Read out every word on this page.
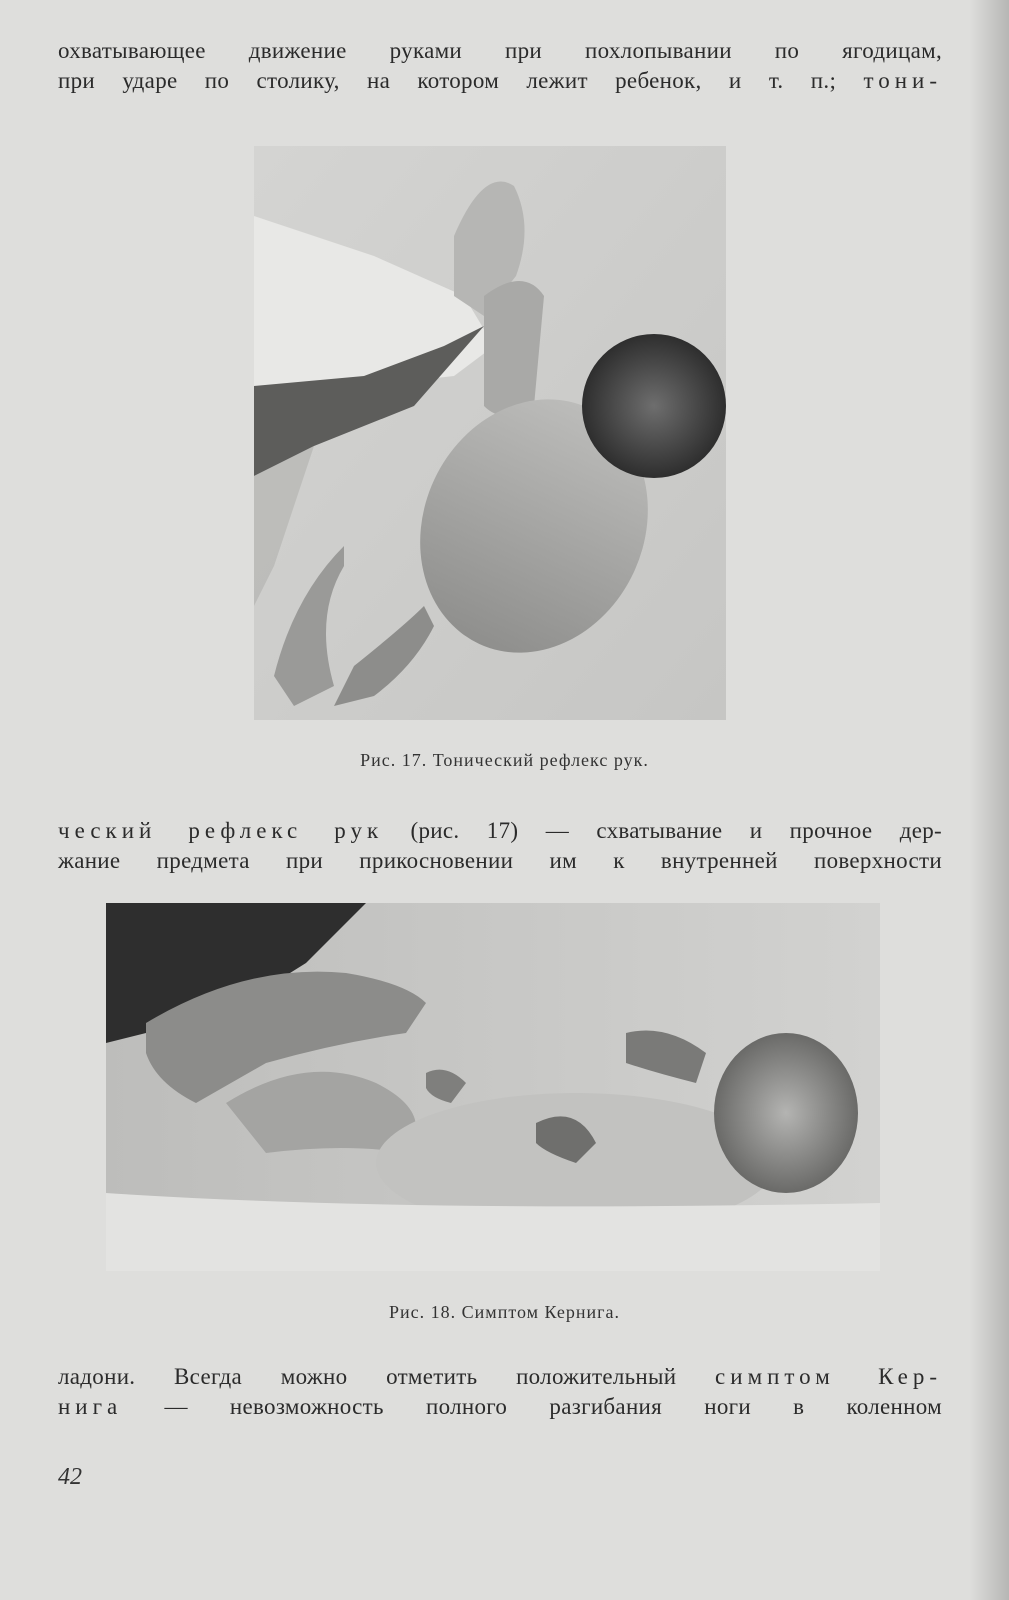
охватывающее движение руками при похлопывании по ягодицам,
при ударе по столику, на котором лежит ребенок, и т. п.; тони-
Рис. 17. Тонический рефлекс рук.
ческий рефлекс рук (рис. 17) — схватывание и прочное дер-
жание предмета при прикосновении им к внутренней поверхности
Рис. 18. Симптом Кернига.
ладони. Всегда можно отметить положительный симптом Кер-
нига — невозможность полного разгибания ноги в коленном
42
